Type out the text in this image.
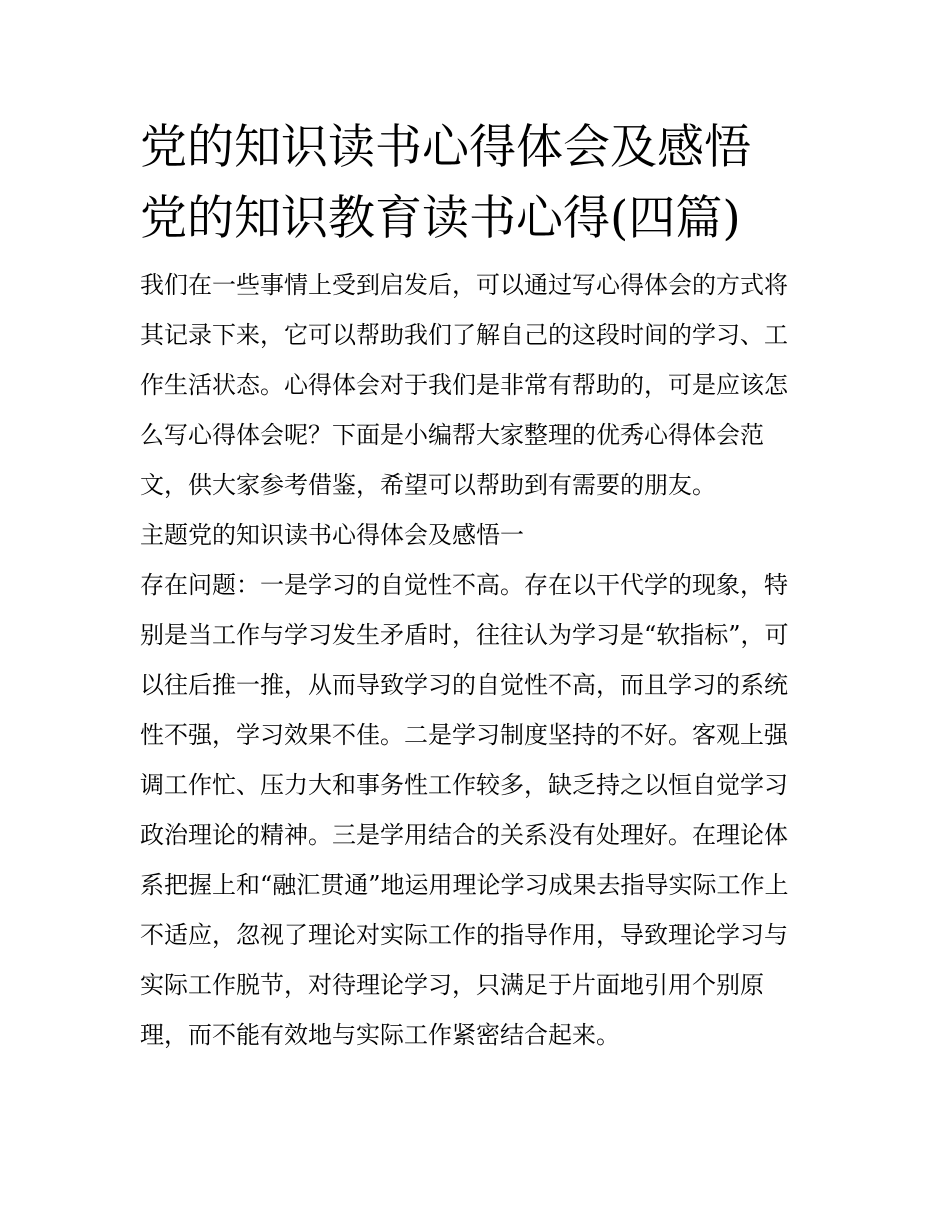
党的知识读书心得体会及感悟
党的知识教育读书心得(四篇)
我们在一些事情上受到启发后，可以通过写心得体会的方式将
其记录下来，它可以帮助我们了解自己的这段时间的学习、工
作生活状态。心得体会对于我们是非常有帮助的，可是应该怎
么写心得体会呢？下面是小编帮大家整理的优秀心得体会范
文，供大家参考借鉴，希望可以帮助到有需要的朋友。
主题党的知识读书心得体会及感悟一
存在问题：一是学习的自觉性不高。存在以干代学的现象，特
别是当工作与学习发生矛盾时，往往认为学习是“软指标”，可
以往后推一推，从而导致学习的自觉性不高，而且学习的系统
性不强，学习效果不佳。二是学习制度坚持的不好。客观上强
调工作忙、压力大和事务性工作较多，缺乏持之以恒自觉学习
政治理论的精神。三是学用结合的关系没有处理好。在理论体
系把握上和“融汇贯通”地运用理论学习成果去指导实际工作上
不适应，忽视了理论对实际工作的指导作用，导致理论学习与
实际工作脱节，对待理论学习，只满足于片面地引用个别原
理，而不能有效地与实际工作紧密结合起来。
